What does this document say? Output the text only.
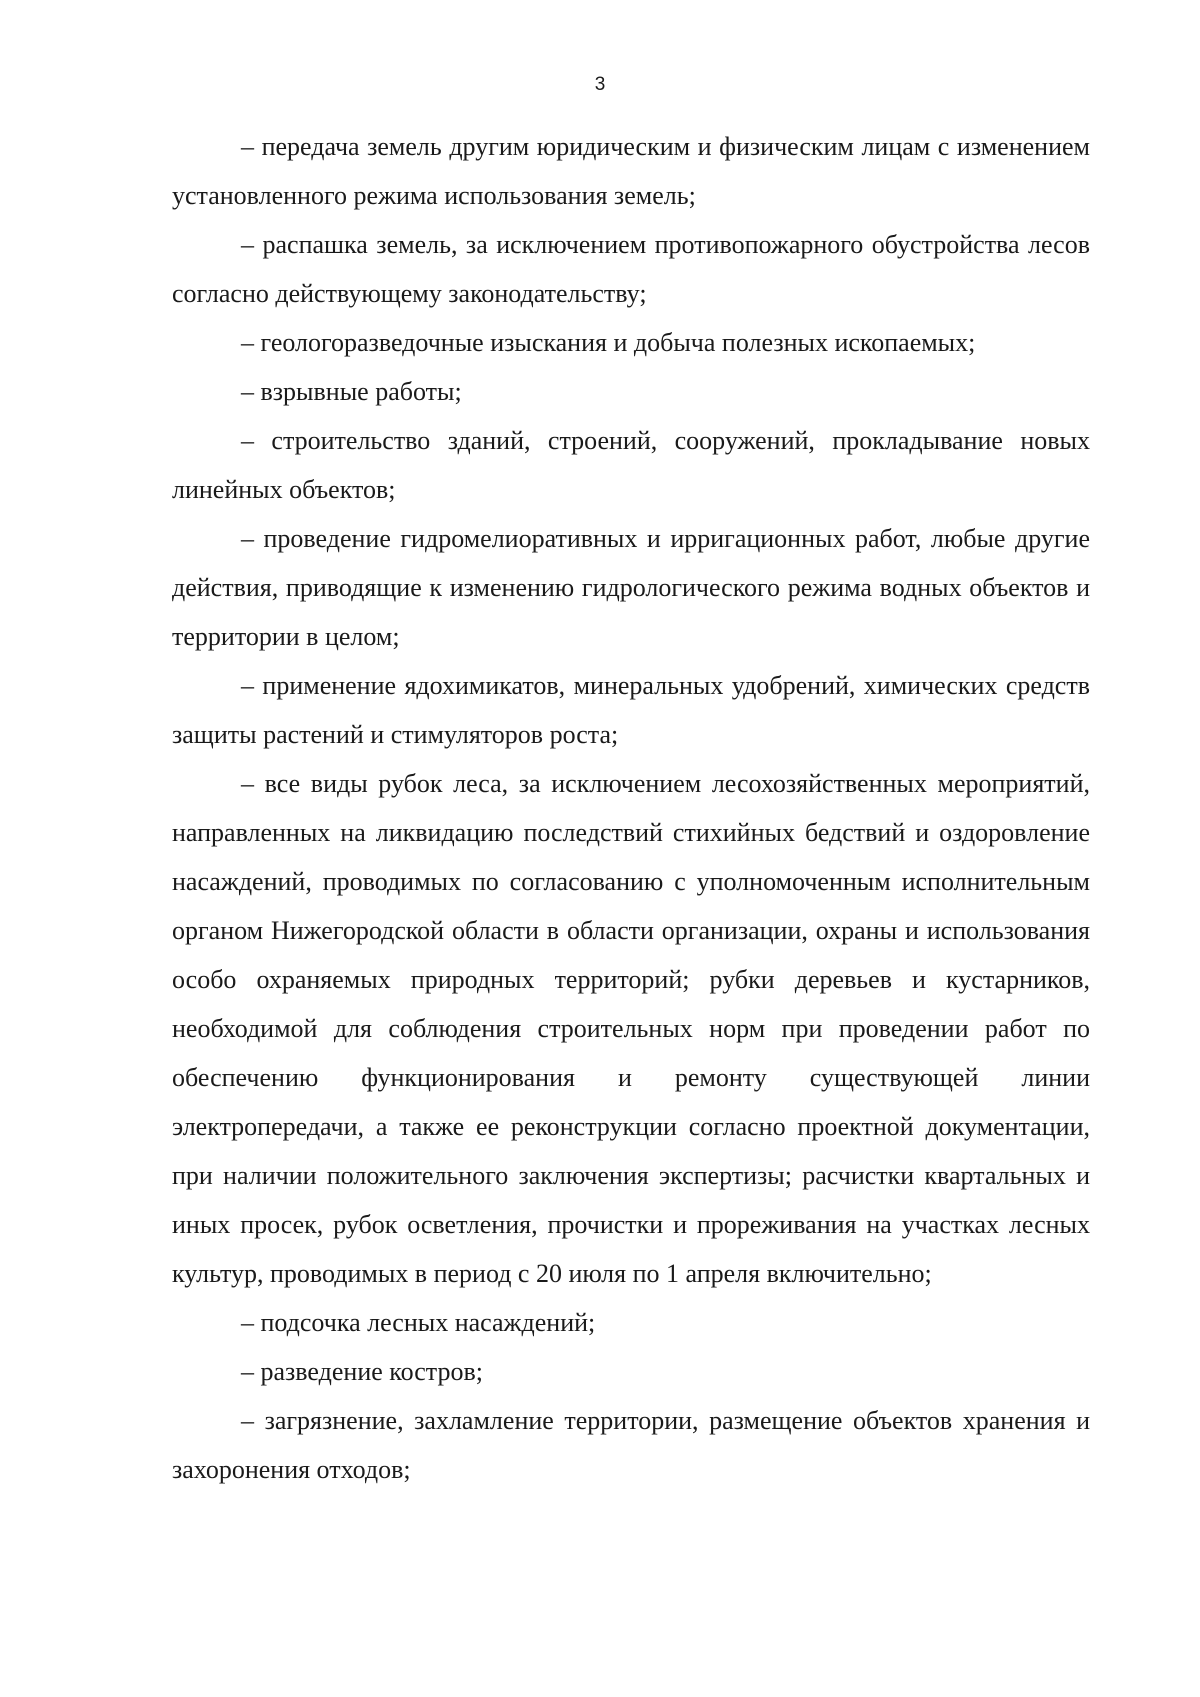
3

– передача земель другим юридическим и физическим лицам с изменением установленного режима использования земель;

– распашка земель, за исключением противопожарного обустройства лесов согласно действующему законодательству;

– геологоразведочные изыскания и добыча полезных ископаемых;

– взрывные работы;

– строительство зданий, строений, сооружений, прокладывание новых линейных объектов;

– проведение гидромелиоративных и ирригационных работ, любые другие действия, приводящие к изменению гидрологического режима водных объектов и территории в целом;

– применение ядохимикатов, минеральных удобрений, химических средств защиты растений и стимуляторов роста;

– все виды рубок леса, за исключением лесохозяйственных мероприятий, направленных на ликвидацию последствий стихийных бедствий и оздоровление насаждений, проводимых по согласованию с уполномоченным исполнительным органом Нижегородской области в области организации, охраны и использования особо охраняемых природных территорий; рубки деревьев и кустарников, необходимой для соблюдения строительных норм при проведении работ по обеспечению функционирования и ремонту существующей линии электропередачи, а также ее реконструкции согласно проектной документации, при наличии положительного заключения экспертизы; расчистки квартальных и иных просек, рубок осветления, прочистки и прореживания на участках лесных культур, проводимых в период с 20 июля по 1 апреля включительно;

– подсочка лесных насаждений;

– разведение костров;

– загрязнение, захламление территории, размещение объектов хранения и захоронения отходов;
